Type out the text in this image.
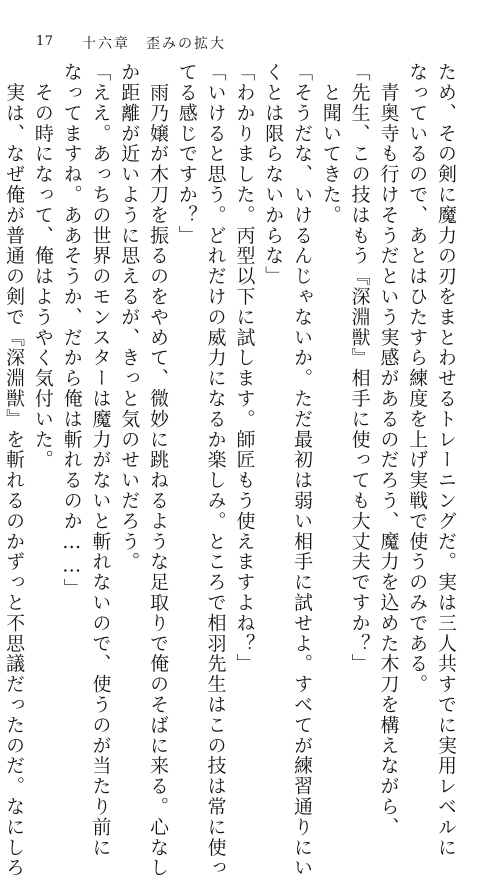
17 十六章　歪みの拡大

ため、その剣に魔力の刃をまとわせるトレーニングだ。実は三人共すでに実用レベルに

なっているので、あとはひたすら練度を上げ実戦で使うのみである。

　青奥寺も行けそうだという実感があるのだろう、魔力を込めた木刀を構えながら、

「先生、この技はもう『深淵獣』相手に使っても大丈夫ですか？」

　と聞いてきた。

「そうだな、いけるんじゃないか。ただ最初は弱い相手に試せよ。すべてが練習通りにい

くとは限らないからな」

「わかりました。丙型以下に試します。師匠もう使えますよね？」

「いけると思う。どれだけの威力になるか楽しみ。ところで相羽先生はこの技は常に使っ

てる感じですか？」

　雨乃嬢が木刀を振るのをやめて、微妙に跳ねるような足取りで俺のそばに来る。心なし

か距離が近いように思えるが、きっと気のせいだろう。

「ええ。あっちの世界のモンスターは魔力がないと斬れないので、使うのが当たり前に

なってますね。ああそうか、だから俺は斬れるのか……」

　その時になって、俺はようやく気付いた。

　実は、なぜ俺が普通の剣で『深淵獣』を斬れるのかずっと不思議だったのだ。なにしろ
